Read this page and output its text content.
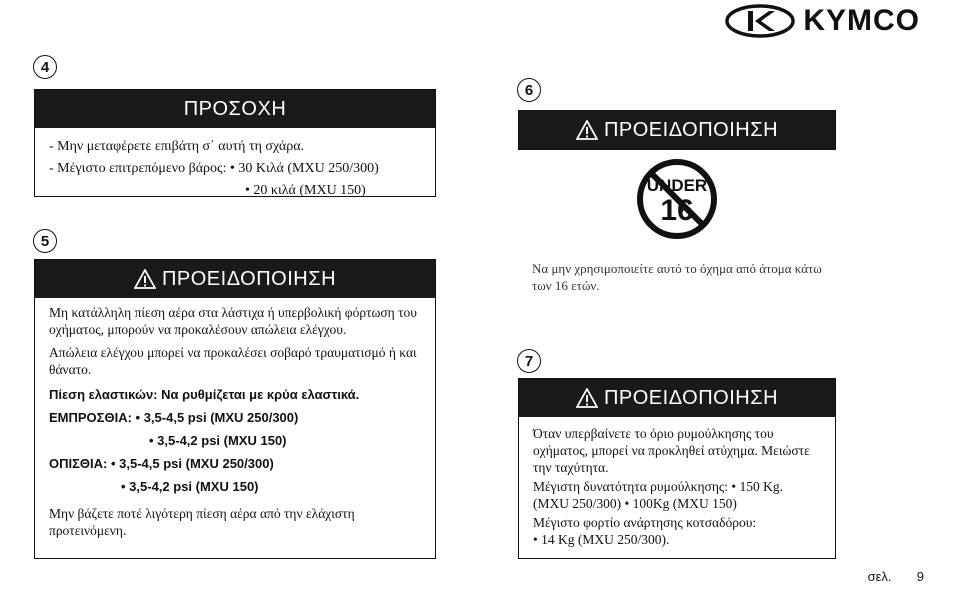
KYMCO
4
ΠΡΟΣΟΧΗ
- Μην μεταφέρετε επιβάτη σ΄ αυτή τη σχάρα.
- Μέγιστο επιτρεπόμενο βάρος: • 30 Κιλά (MXU 250/300)
• 20 κιλά (MXU 150)
5
ΠΡΟΕΙΔΟΠΟΙΗΣΗ
Μη κατάλληλη πίεση αέρα στα λάστιχα ή υπερβολική φόρτωση του οχήματος, μπορούν να προκαλέσουν απώλεια ελέγχου.
Απώλεια ελέγχου μπορεί να προκαλέσει σοβαρό τραυματισμό ή και θάνατο.
Πίεση ελαστικών: Να ρυθμίζεται με κρύα ελαστικά.
ΕΜΠΡΟΣΘΙΑ: • 3,5-4,5 psi (MXU 250/300)
• 3,5-4,2 psi (MXU 150)
ΟΠΙΣΘΙΑ: • 3,5-4,5 psi (MXU 250/300)
• 3,5-4,2 psi (MXU 150)
Μην βάζετε ποτέ λιγότερη πίεση αέρα από την ελάχιστη προτεινόμενη.
6
ΠΡΟΕΙΔΟΠΟΙΗΣΗ
UNDER
16
Να μην χρησιμοποιείτε αυτό το όχημα από άτομα κάτω των 16 ετών.
7
ΠΡΟΕΙΔΟΠΟΙΗΣΗ
Όταν υπερβαίνετε το όριο ρυμούλκησης του οχήματος, μπορεί να προκληθεί ατύχημα. Μειώστε την ταχύτητα.
Μέγιστη δυνατότητα ρυμούλκησης: • 150 Kg.
(MXU 250/300) • 100Kg (MXU 150)
Μέγιστο φορτίο ανάρτησης κοτσαδόρου:
• 14 Kg (MXU 250/300).
σελ. 9
